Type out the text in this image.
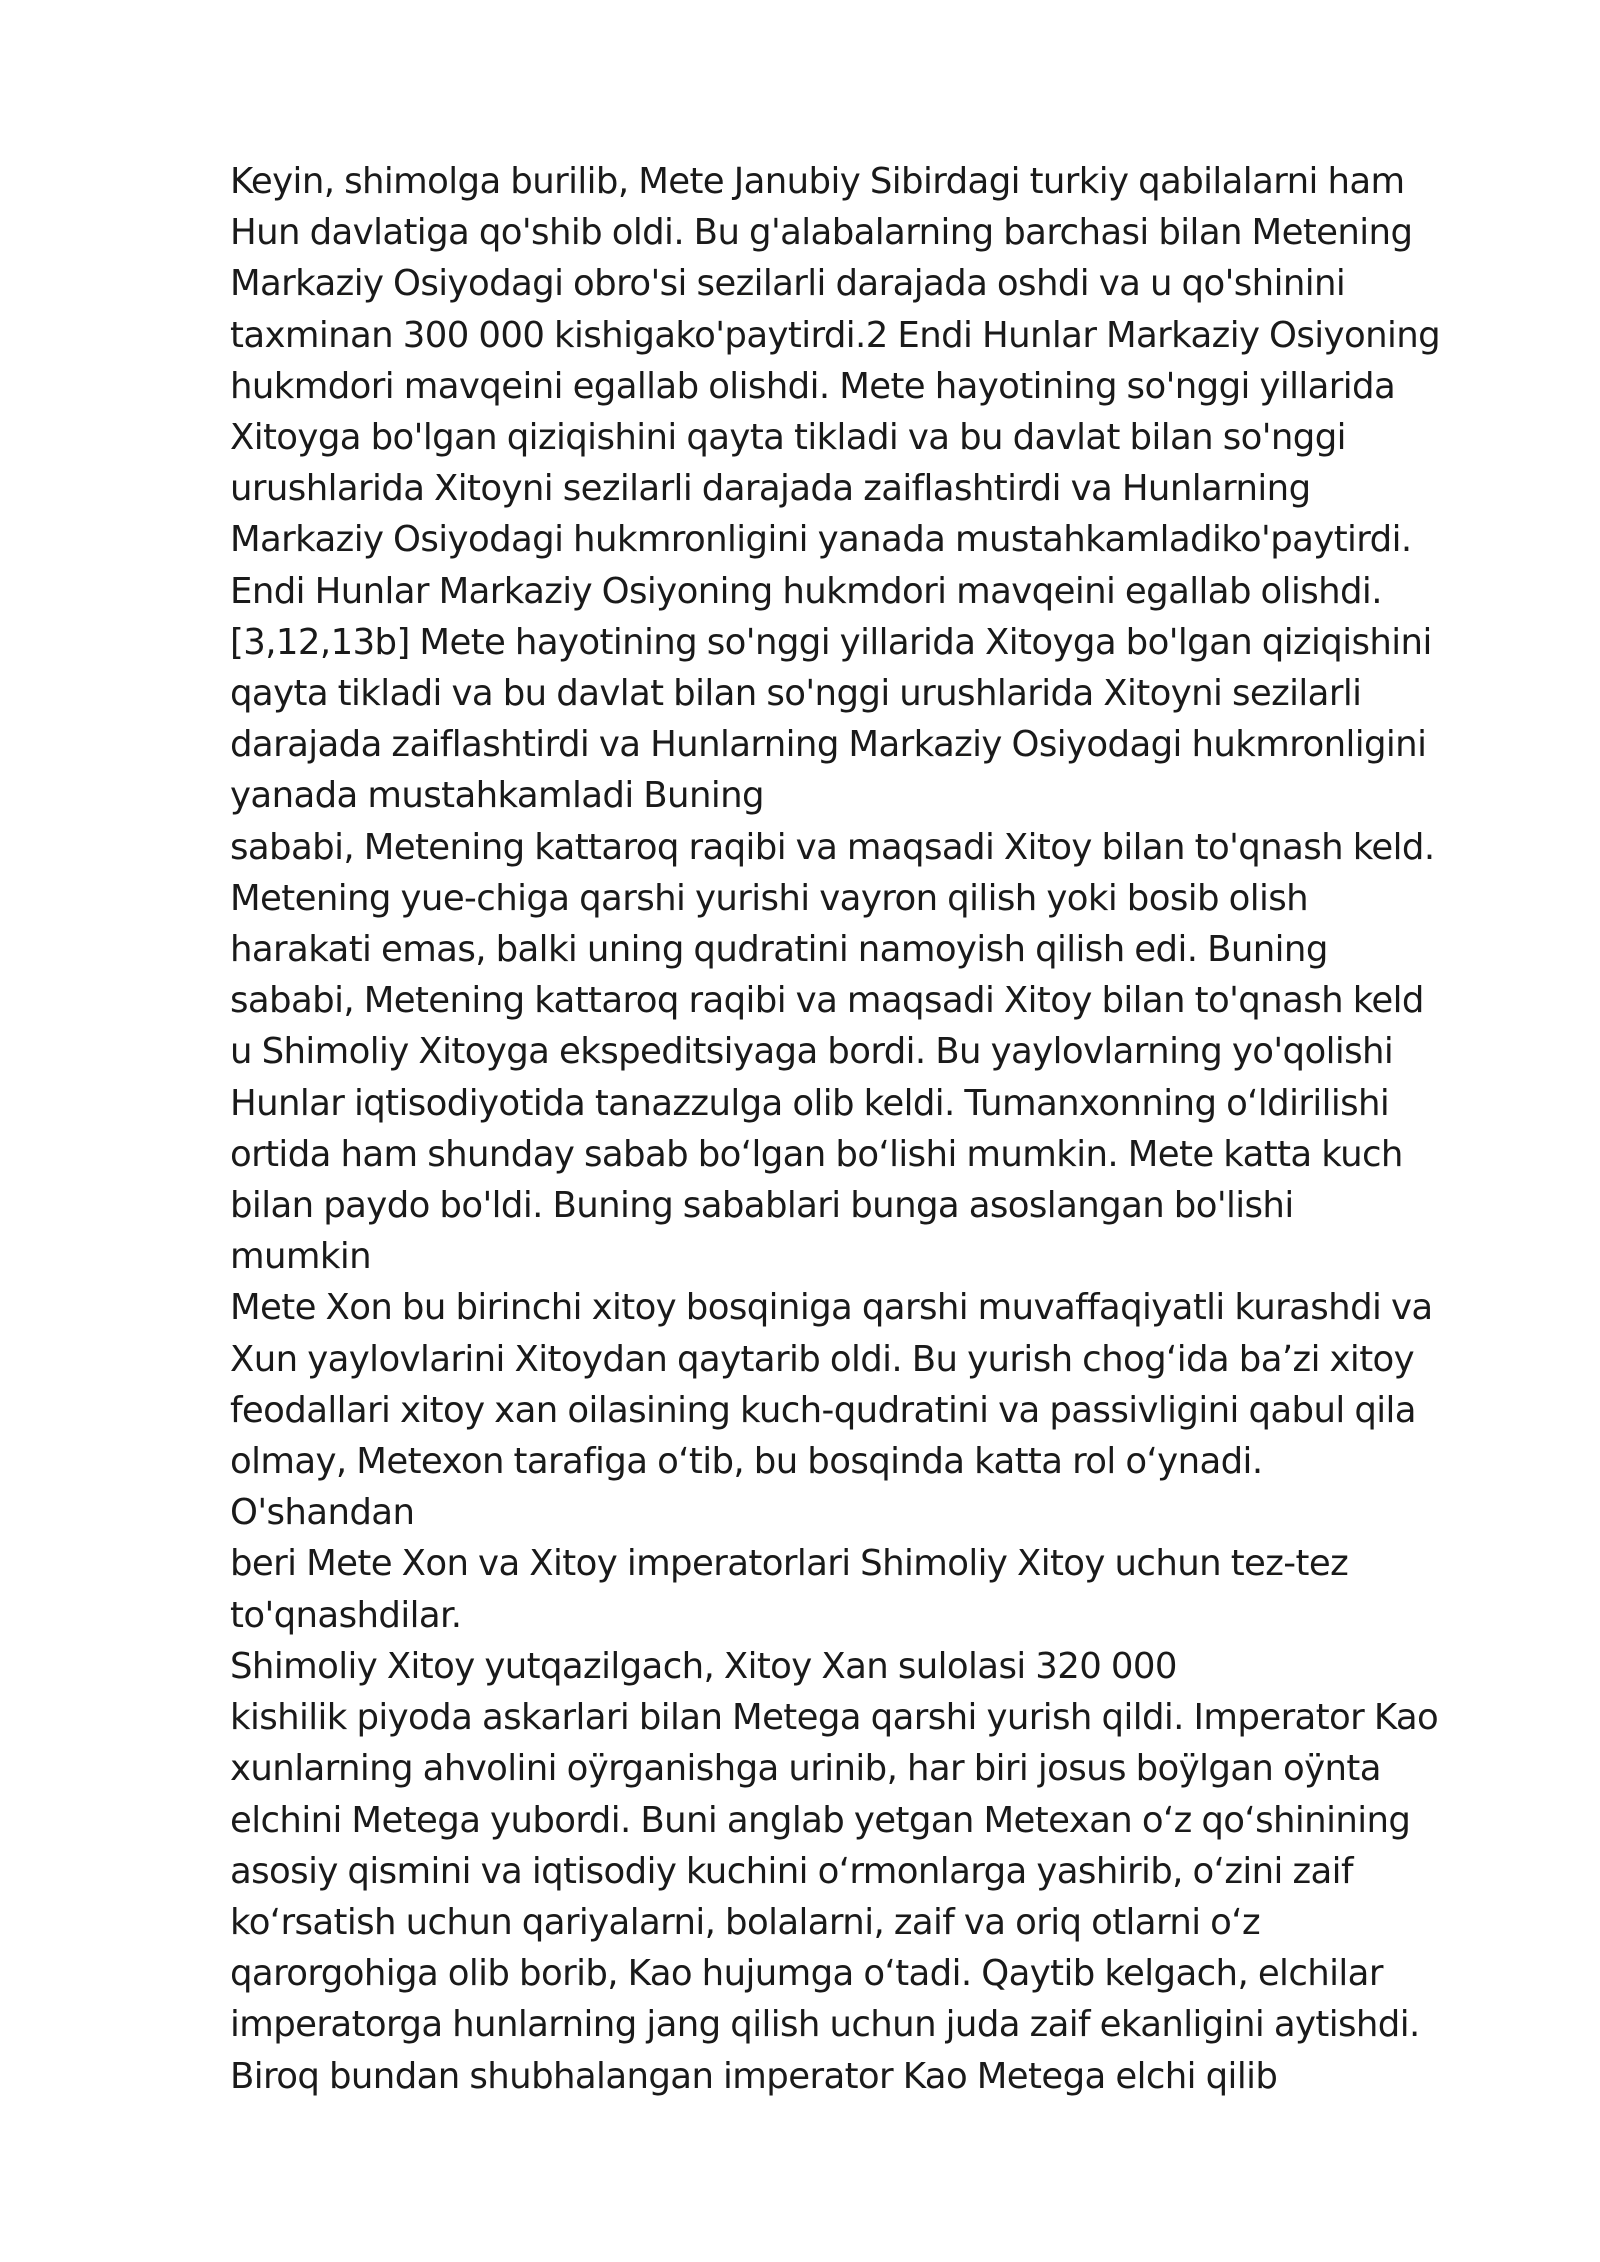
Keyin, shimolga burilib, Mete Janubiy Sibirdagi turkiy qabilalarni ham
Hun davlatiga qo'shib oldi. Bu g'alabalarning barchasi bilan Metening
Markaziy Osiyodagi obro'si sezilarli darajada oshdi va u qo'shinini
taxminan 300 000 kishigako'paytirdi.2 Endi Hunlar Markaziy Osiyoning
hukmdori mavqeini egallab olishdi. Mete hayotining so'nggi yillarida
Xitoyga bo'lgan qiziqishini qayta tikladi va bu davlat bilan so'nggi
urushlarida Xitoyni sezilarli darajada zaiflashtirdi va Hunlarning
Markaziy Osiyodagi hukmronligini yanada mustahkamladiko'paytirdi.
Endi Hunlar Markaziy Osiyoning hukmdori mavqeini egallab olishdi.
[3,12,13b] Mete hayotining so'nggi yillarida Xitoyga bo'lgan qiziqishini
qayta tikladi va bu davlat bilan so'nggi urushlarida Xitoyni sezilarli
darajada zaiflashtirdi va Hunlarning Markaziy Osiyodagi hukmronligini
yanada mustahkamladi Buning
sababi, Metening kattaroq raqibi va maqsadi Xitoy bilan to'qnash keld.
Metening yue-chiga qarshi yurishi vayron qilish yoki bosib olish
harakati emas, balki uning qudratini namoyish qilish edi. Buning
sababi, Metening kattaroq raqibi va maqsadi Xitoy bilan to'qnash keld
u Shimoliy Xitoyga ekspeditsiyaga bordi. Bu yaylovlarning yo'qolishi
Hunlar iqtisodiyotida tanazzulga olib keldi. Tumanxonning oʻldirilishi
ortida ham shunday sabab boʻlgan boʻlishi mumkin. Mete katta kuch
bilan paydo bo'ldi. Buning sabablari bunga asoslangan bo'lishi
mumkin
Mete Xon bu birinchi xitoy bosqiniga qarshi muvaffaqiyatli kurashdi va
Xun yaylovlarini Xitoydan qaytarib oldi. Bu yurish chogʻida baʼzi xitoy
feodallari xitoy xan oilasining kuch-qudratini va passivligini qabul qila
olmay, Metexon tarafiga oʻtib, bu bosqinda katta rol oʻynadi.
O'shandan
beri Mete Xon va Xitoy imperatorlari Shimoliy Xitoy uchun tez-tez
to'qnashdilar.
Shimoliy Xitoy yutqazilgach, Xitoy Xan sulolasi 320 000
kishilik piyoda askarlari bilan Metega qarshi yurish qildi. Imperator Kao
xunlarning ahvolini oÿrganishga urinib, har biri josus boÿlgan oÿnta
elchini Metega yubordi. Buni anglab yetgan Metexan oʻz qoʻshinining
asosiy qismini va iqtisodiy kuchini oʻrmonlarga yashirib, oʻzini zaif
koʻrsatish uchun qariyalarni, bolalarni, zaif va oriq otlarni oʻz
qarorgohiga olib borib, Kao hujumga oʻtadi. Qaytib kelgach, elchilar
imperatorga hunlarning jang qilish uchun juda zaif ekanligini aytishdi.
Biroq bundan shubhalangan imperator Kao Metega elchi qilib
